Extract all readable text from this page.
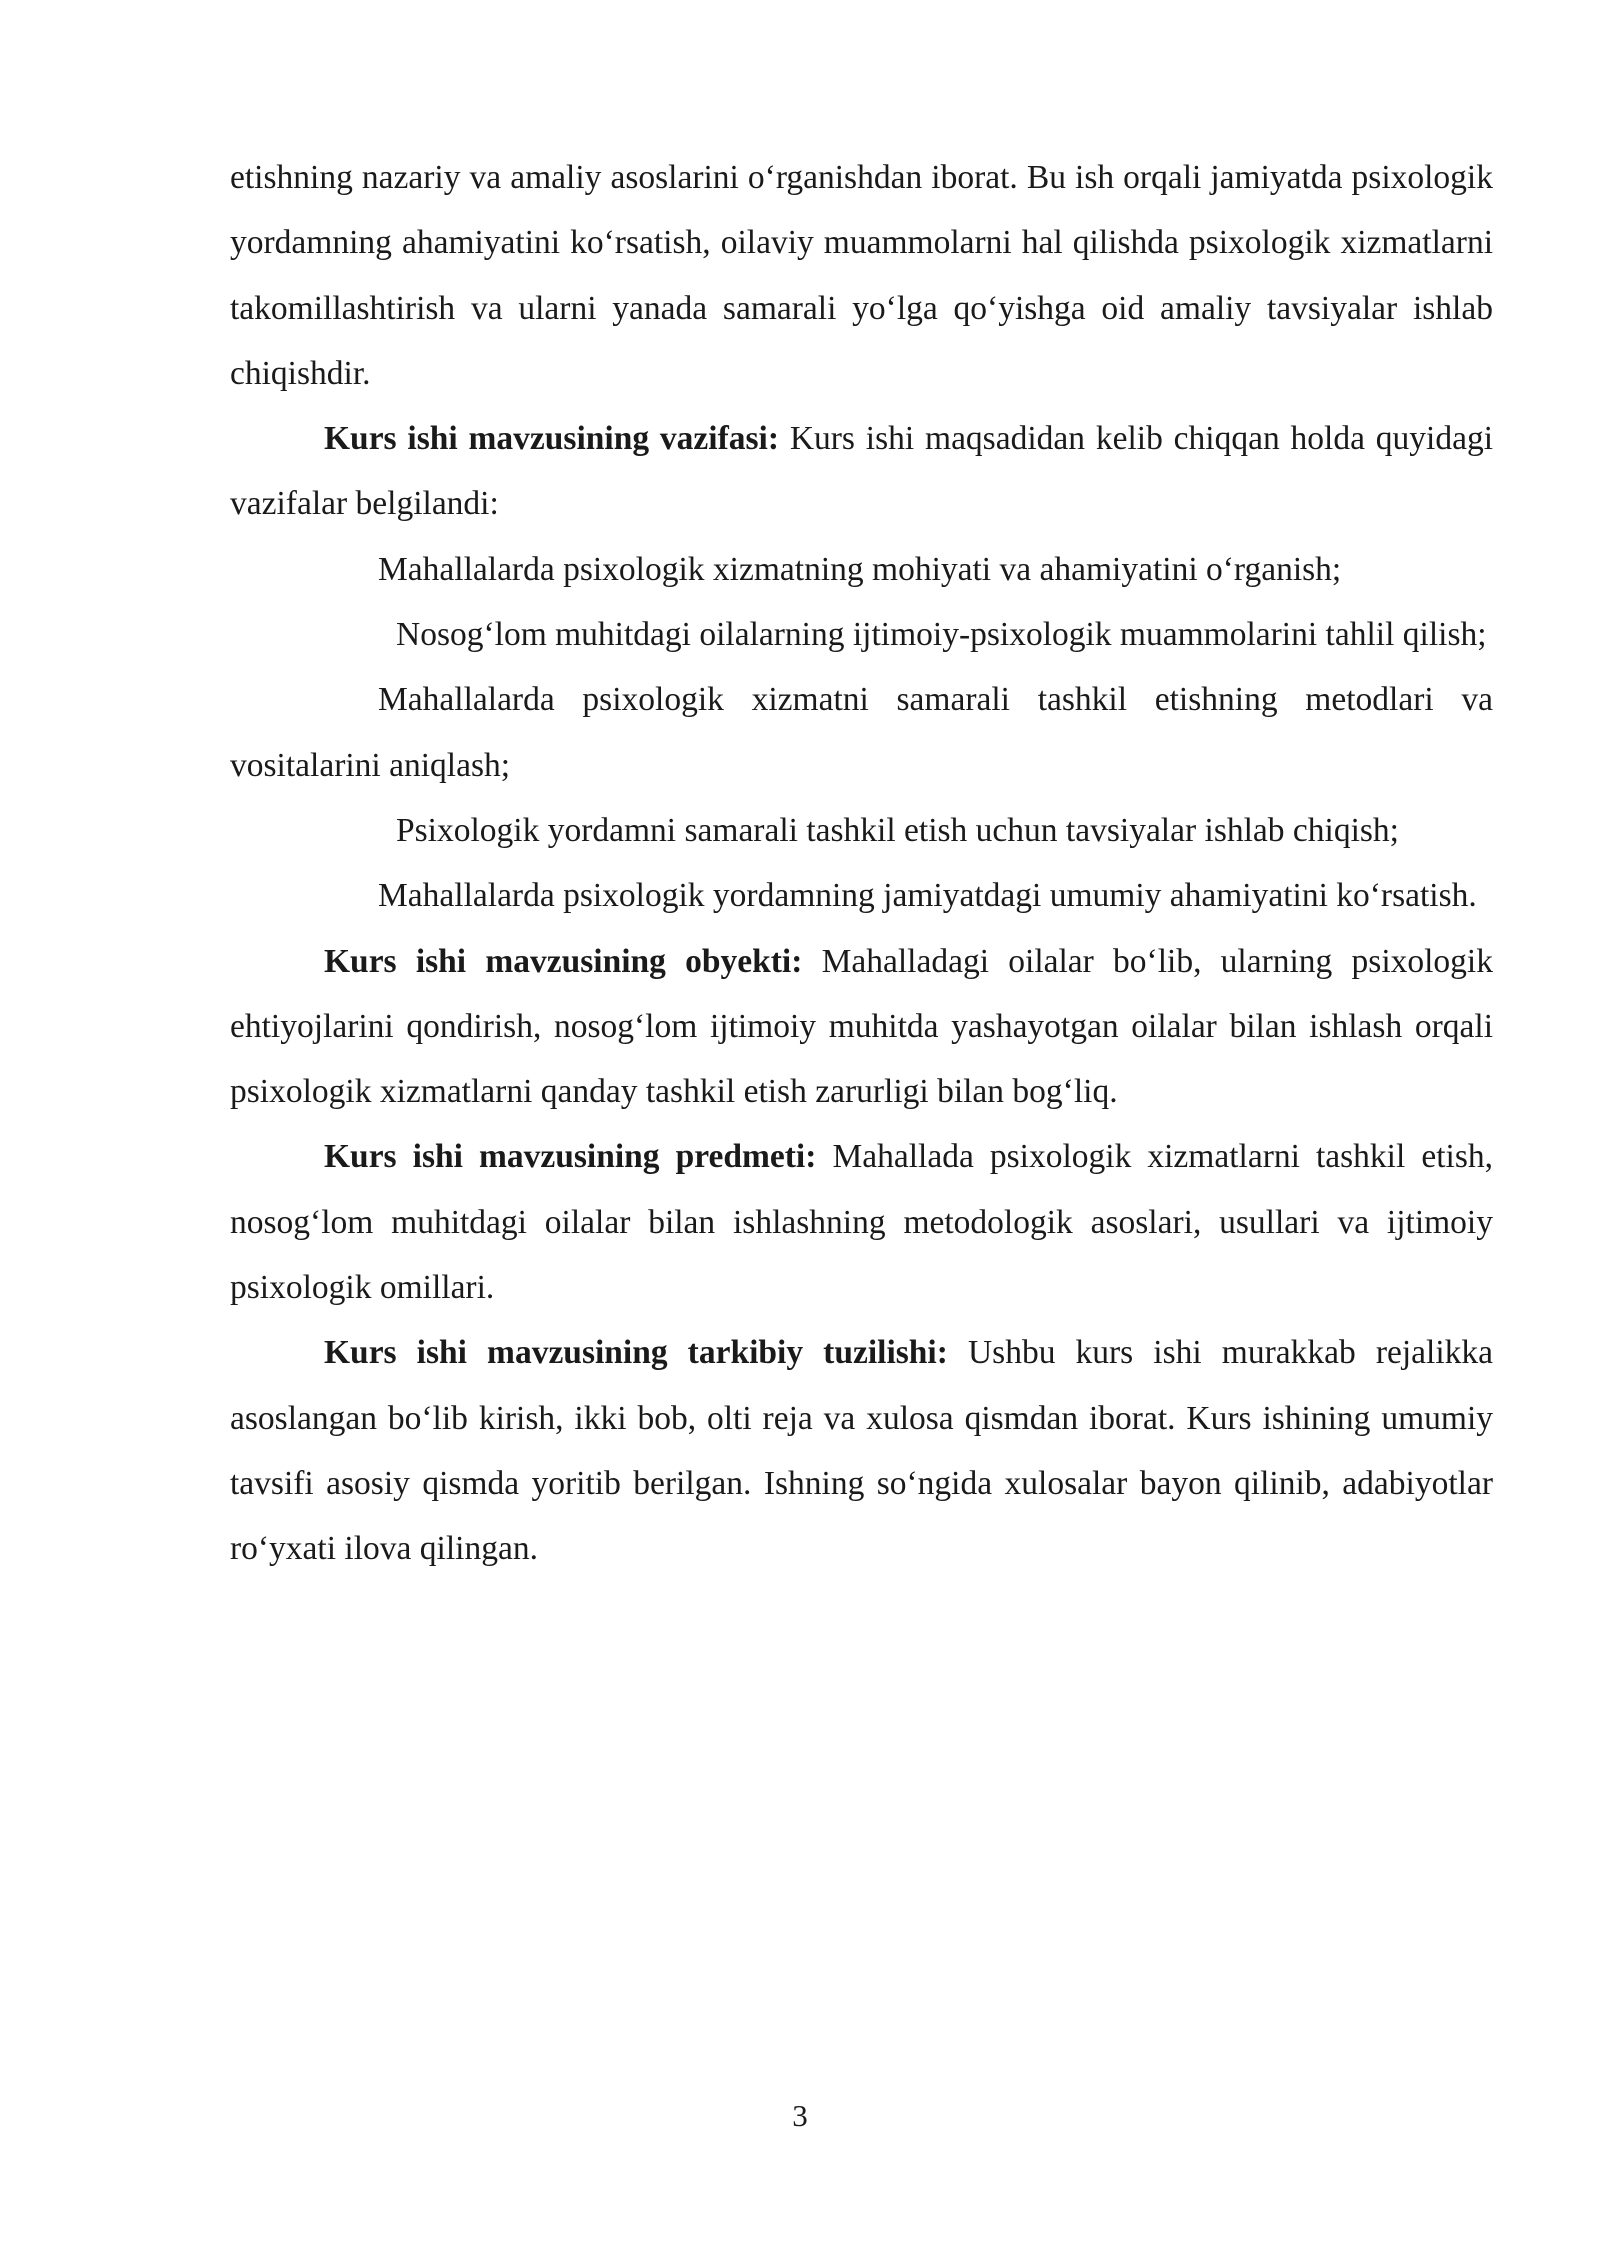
etishning nazariy va amaliy asoslarini oʻrganishdan iborat. Bu ish orqali jamiyatda psixologik yordamning ahamiyatini koʻrsatish, oilaviy muammolarni hal qilishda psixologik xizmatlarni takomillashtirish va ularni yanada samarali yoʻlga qoʻyishga oid amaliy tavsiyalar ishlab chiqishdir.

Kurs ishi mavzusining vazifasi: Kurs ishi maqsadidan kelib chiqqan holda quyidagi vazifalar belgilandi:

Mahallalarda psixologik xizmatning mohiyati va ahamiyatini oʻrganish;

Nosogʻlom muhitdagi oilalarning ijtimoiy-psixologik muammolarini tahlil qilish;

Mahallalarda psixologik xizmatni samarali tashkil etishning metodlari va vositalarini aniqlash;

Psixologik yordamni samarali tashkil etish uchun tavsiyalar ishlab chiqish;

Mahallalarda psixologik yordamning jamiyatdagi umumiy ahamiyatini koʻrsatish.

Kurs ishi mavzusining obyekti: Mahalladagi oilalar boʻlib, ularning psixologik ehtiyojlarini qondirish, nosogʻlom ijtimoiy muhitda yashayotgan oilalar bilan ishlash orqali psixologik xizmatlarni qanday tashkil etish zarurligi bilan bogʻliq.

Kurs ishi mavzusining predmeti: Mahallada psixologik xizmatlarni tashkil etish, nosogʻlom muhitdagi oilalar bilan ishlashning metodologik asoslari, usullari va ijtimoiy psixologik omillari.

Kurs ishi mavzusining tarkibiy tuzilishi: Ushbu kurs ishi murakkab rejalikka asoslangan boʻlib kirish, ikki bob, olti reja va xulosa qismdan iborat. Kurs ishining umumiy tavsifi asosiy qismda yoritib berilgan. Ishning soʻngida xulosalar bayon qilinib, adabiyotlar roʻyxati ilova qilingan.

3
